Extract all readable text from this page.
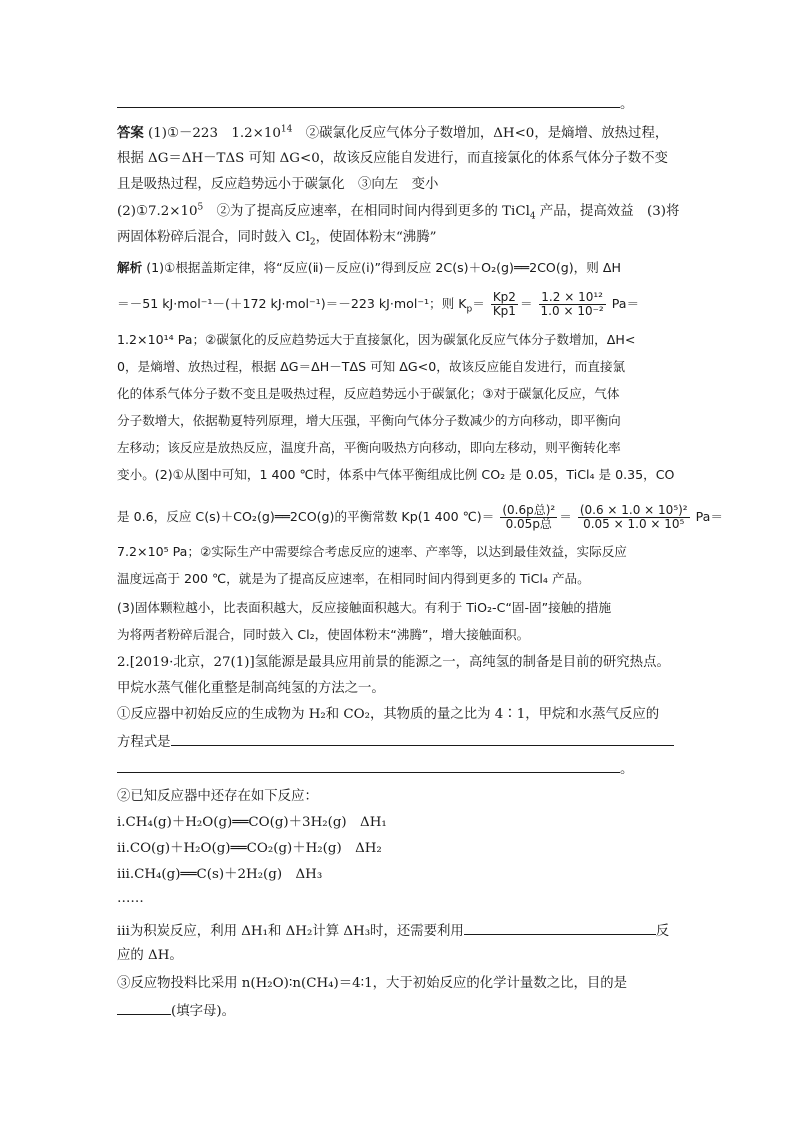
。
答案 (1)①－223　$1.2\times 10^{14}$　②碳氯化反应气体分子数增加，ΔH<0，是熵增、放热过程，
根据 ΔG＝ΔH－TΔS 可知 ΔG<0，故该反应能自发进行，而直接氯化的体系气体分子数不变
且是吸热过程，反应趋势远小于碳氯化　③向左　变小
$(2)①7.2\times 10^5$　②为了提高反应速率，在相同时间内得到更多的 TiCl$_4$ 产品，提高效益　(3)将
两固体粉碎后混合，同时鼓入 $Cl_2$，使固体粉末“沸腾”
解析 (1)①根据盖斯定律，将“反应(ⅱ)－反应(ⅰ)”得到反应 2C(s)＋O₂(g)══2CO(g)，则 ΔH
＝－51 kJ·mol⁻¹－(＋172 kJ·mol⁻¹)＝－223 kJ·mol⁻¹；则 $K_p= \frac{Kp2}{Kp1} = \frac{\text{1.2 × 10¹²}}{\text{1.0 × 10⁻²}} Pa=$
1.2×10¹⁴ Pa；②碳氯化的反应趋势远大于直接氯化，因为碳氯化反应气体分子数增加，ΔH<
0，是熵增、放热过程，根据 ΔG＝ΔH－TΔS 可知 ΔG<0，故该反应能自发进行，而直接氯
化的体系气体分子数不变且是吸热过程，反应趋势远小于碳氯化；③对于碳氯化反应，气体
分子数增大，依据勒夏特列原理，增大压强，平衡向气体分子数减少的方向移动，即平衡向
左移动；该反应是放热反应，温度升高，平衡向吸热方向移动，即向左移动，则平衡转化率
变小。(2)①从图中可知，1 400 ℃时，体系中气体平衡组成比例 CO₂ 是 0.05，TiCl₄ 是 0.35，CO
是 0.6，反应 C(s)＋CO₂(g)══2CO(g)的平衡常数 Kp(1 400 ℃)＝ $\frac{\text{(0.6p总)²}}{\text{0.05p总}} = \frac{\text{(0.6 × 1.0 × 10⁵)²}}{\text{0.05 × 1.0 × 10⁵}} Pa=$
7.2×10⁵ Pa；②实际生产中需要综合考虑反应的速率、产率等，以达到最佳效益，实际反应
温度远高于 200 ℃，就是为了提高反应速率，在相同时间内得到更多的 TiCl₄ 产品。
(3)固体颗粒越小，比表面积越大，反应接触面积越大。有利于 TiO₂-C“固-固”接触的措施
为将两者粉碎后混合，同时鼓入 Cl₂，使固体粉末“沸腾”，增大接触面积。
2.[2019·北京，27(1)]氢能源是最具应用前景的能源之一，高纯氢的制备是目前的研究热点。
甲烷水蒸气催化重整是制高纯氢的方法之一。
①反应器中初始反应的生成物为 H₂和 CO₂，其物质的量之比为 4∶1，甲烷和水蒸气反应的
方程式是
。
②已知反应器中还存在如下反应：
ⅰ.CH₄(g)＋H₂O(g)══CO(g)＋3H₂(g)　ΔH₁
ⅱ.CO(g)＋H₂O(g)══CO₂(g)＋H₂(g)　ΔH₂
ⅲ.CH₄(g)══C(s)＋2H₂(g)　ΔH₃
……
ⅲ为积炭反应，利用 ΔH₁和 ΔH₂计算 ΔH₃时，还需要利用	反
应的 ΔH。
③反应物投料比采用 n(H₂O)∶n(CH₄)＝4∶1，大于初始反应的化学计量数之比，目的是
(填字母)。
